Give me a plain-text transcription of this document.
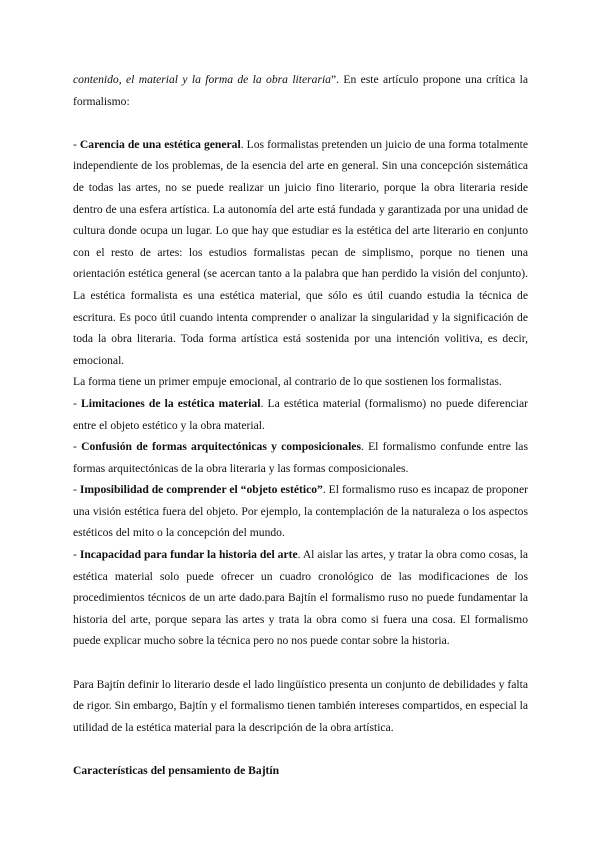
contenido, el material y la forma de la obra literaria”. En este artículo propone una crítica la formalismo:

- Carencia de una estética general. Los formalistas pretenden un juicio de una forma totalmente independiente de los problemas, de la esencia del arte en general. Sin una concepción sistemática de todas las artes, no se puede realizar un juicio fino literario, porque la obra literaria reside dentro de una esfera artística. La autonomía del arte está fundada y garantizada por una unidad de cultura donde ocupa un lugar. Lo que hay que estudiar es la estética del arte literario en conjunto con el resto de artes: los estudios formalistas pecan de simplismo, porque no tienen una orientación estética general (se acercan tanto a la palabra que han perdido la visión del conjunto). La estética formalista es una estética material, que sólo es útil cuando estudia la técnica de escritura. Es poco útil cuando intenta comprender o analizar la singularidad y la significación de toda la obra literaria. Toda forma artística está sostenida por una intención volitiva, es decir, emocional.

La forma tiene un primer empuje emocional, al contrario de lo que sostienen los formalistas.

- Limitaciones de la estética material. La estética material (formalismo) no puede diferenciar entre el objeto estético y la obra material.

- Confusión de formas arquitectónicas y composicionales. El formalismo confunde entre las formas arquitectónicas de la obra literaria y las formas composicionales.

- Imposibilidad de comprender el “objeto estético”. El formalismo ruso es incapaz de proponer una visión estética fuera del objeto. Por ejemplo, la contemplación de la naturaleza o los aspectos estéticos del mito o la concepción del mundo.

- Incapacidad para fundar la historia del arte. Al aislar las artes, y tratar la obra como cosas, la estética material solo puede ofrecer un cuadro cronológico de las modificaciones de los procedimientos técnicos de un arte dado.para Bajtín el formalismo ruso no puede fundamentar la historia del arte, porque separa las artes y trata la obra como si fuera una cosa. El formalismo puede explicar mucho sobre la técnica pero no nos puede contar sobre la historia.

Para Bajtín definir lo literario desde el lado lingüístico presenta un conjunto de debilidades y falta de rigor. Sin embargo, Bajtín y el formalismo tienen también intereses compartidos, en especial la utilidad de la estética material para la descripción de la obra artística.

Características del pensamiento de Bajtín
